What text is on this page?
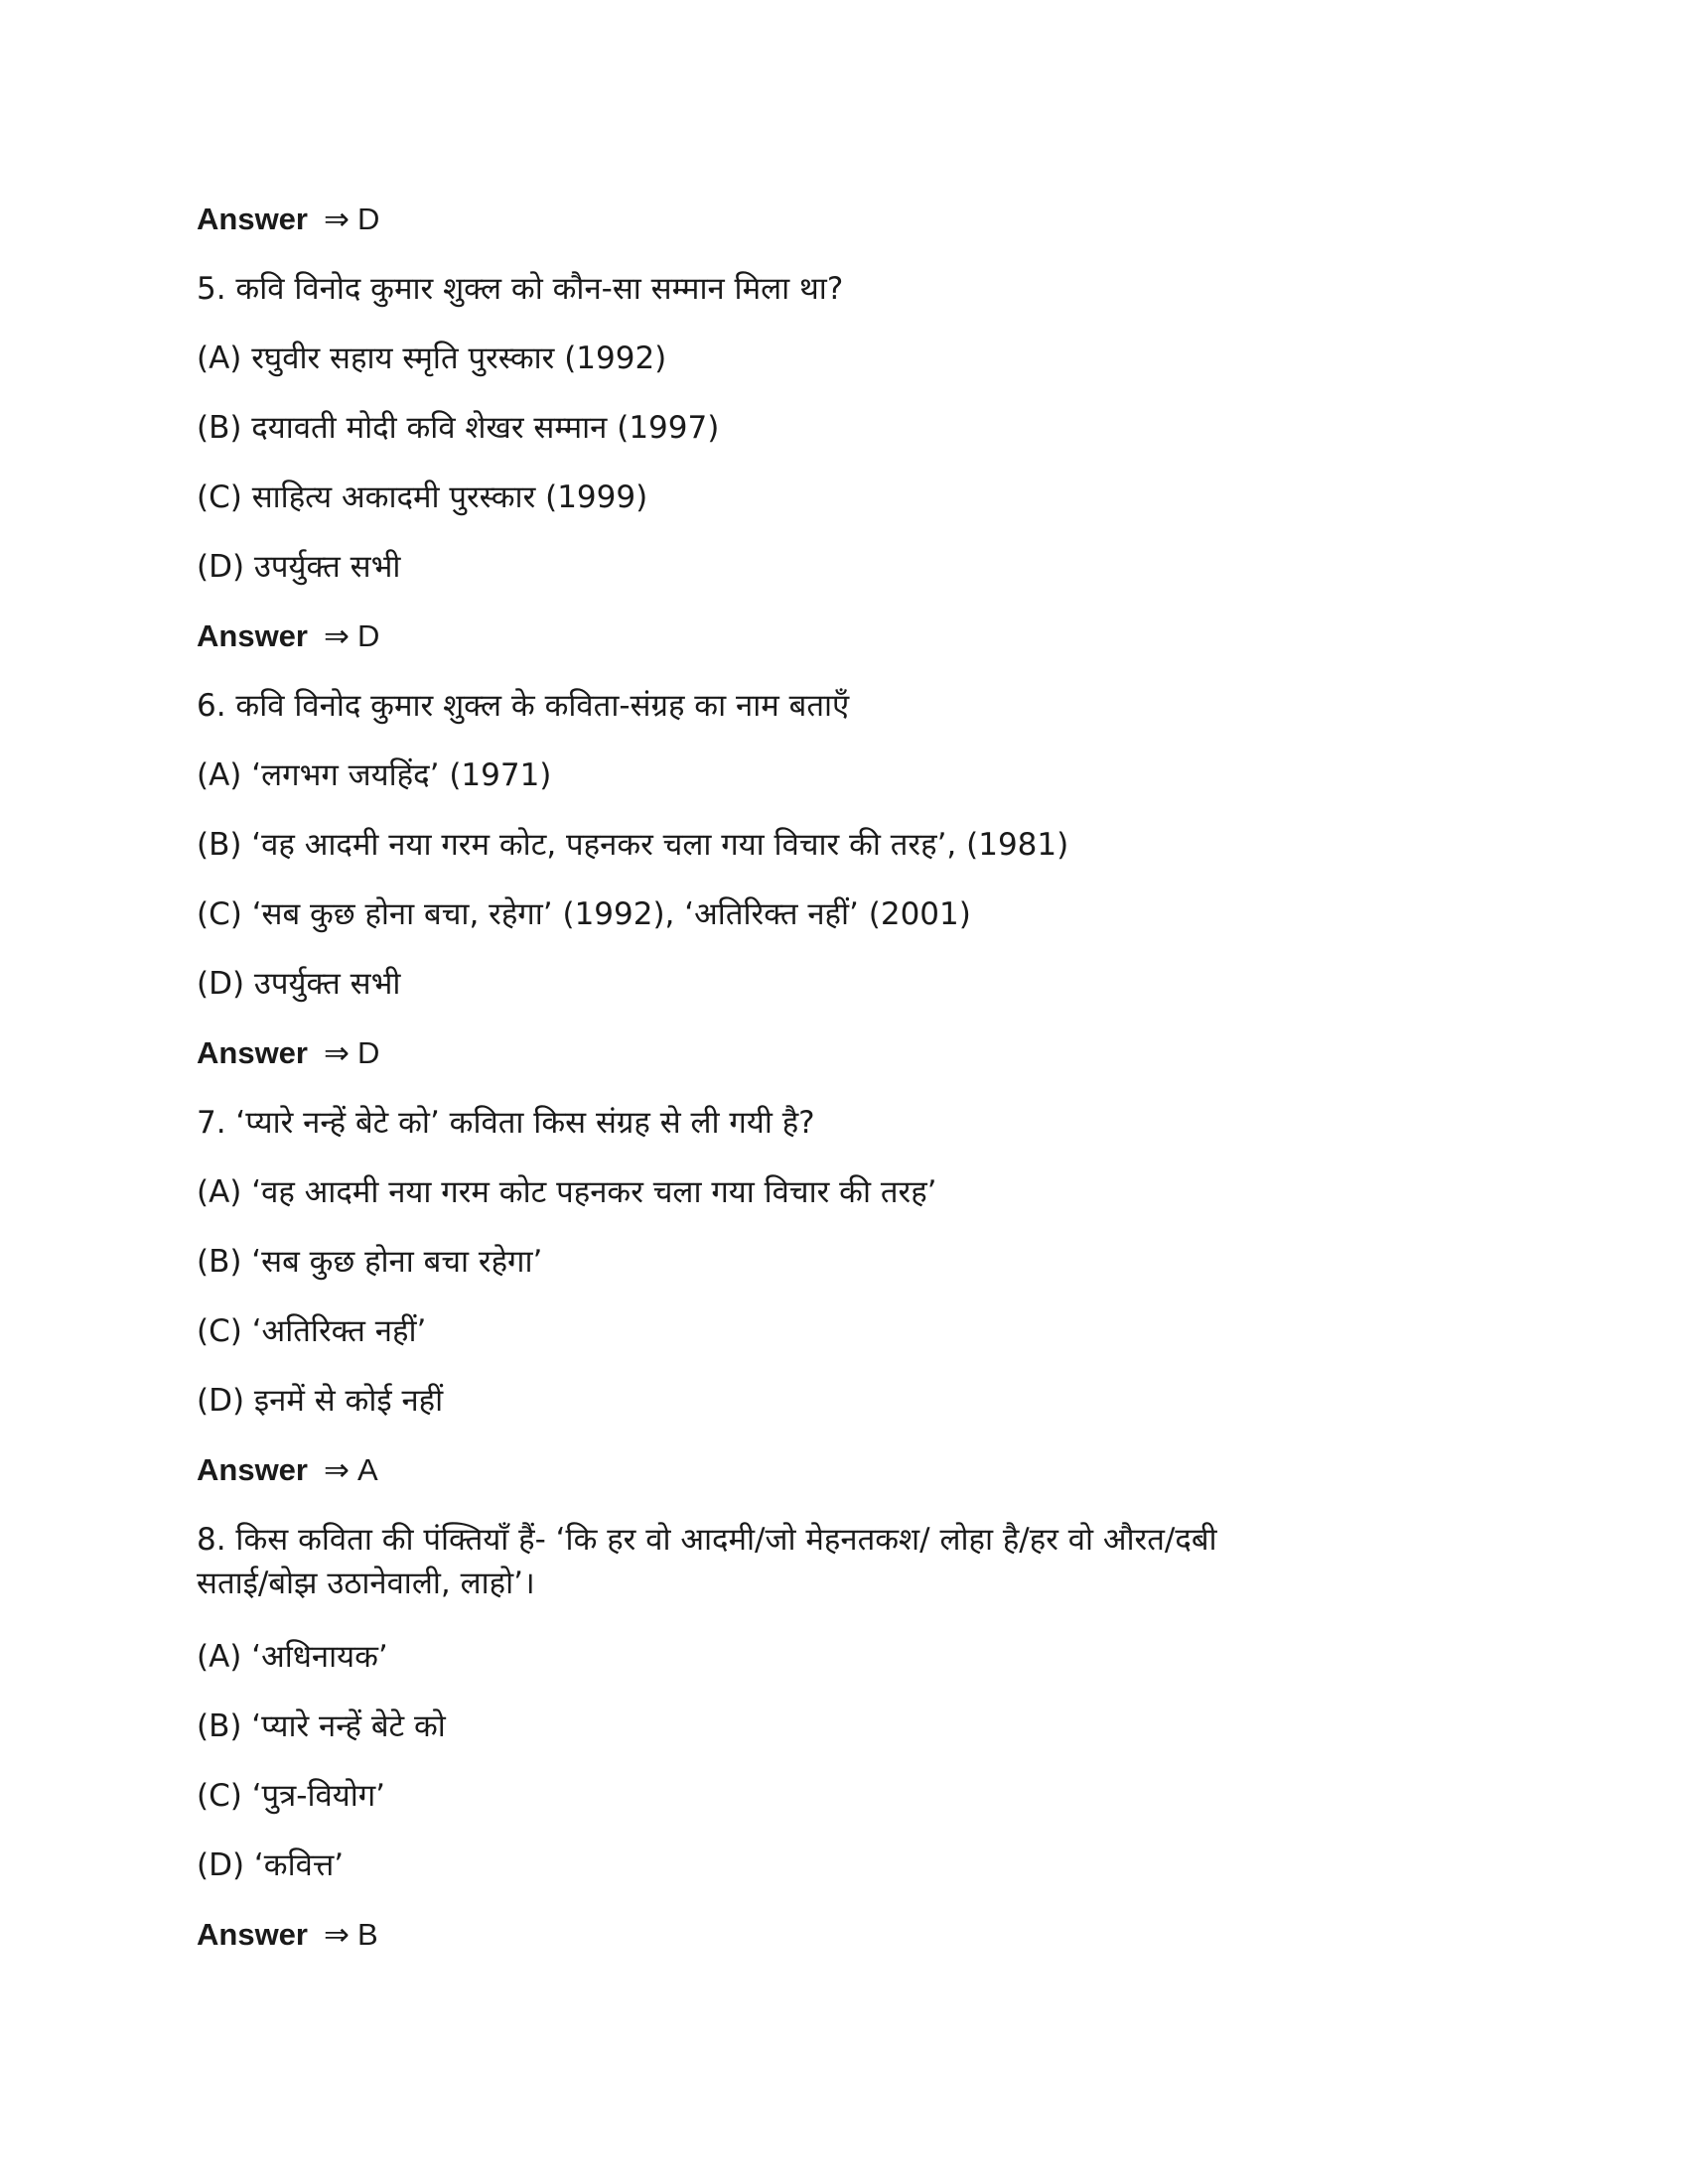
Answer ⇒ D
5. कवि विनोद कुमार शुक्ल को कौन-सा सम्मान मिला था?
(A) रघुवीर सहाय स्मृति पुरस्कार (1992)
(B) दयावती मोदी कवि शेखर सम्मान (1997)
(C) साहित्य अकादमी पुरस्कार (1999)
(D) उपर्युक्त सभी
Answer ⇒ D
6. कवि विनोद कुमार शुक्ल के कविता-संग्रह का नाम बताएँ
(A) ‘लगभग जयहिंद’ (1971)
(B) ‘वह आदमी नया गरम कोट, पहनकर चला गया विचार की तरह’, (1981)
(C) ‘सब कुछ होना बचा, रहेगा’ (1992), ‘अतिरिक्त नहीं’ (2001)
(D) उपर्युक्त सभी
Answer ⇒ D
7. ‘प्यारे नन्हें बेटे को’ कविता किस संग्रह से ली गयी है?
(A) ‘वह आदमी नया गरम कोट पहनकर चला गया विचार की तरह’
(B) ‘सब कुछ होना बचा रहेगा’
(C) ‘अतिरिक्त नहीं’
(D) इनमें से कोई नहीं
Answer ⇒ A
8. किस कविता की पंक्तियाँ हैं- ‘कि हर वो आदमी/जो मेहनतकश/ लोहा है/हर वो औरत/दबी
सताई/बोझ उठानेवाली, लाहो’।
(A) ‘अधिनायक’
(B) ‘प्यारे नन्हें बेटे को
(C) ‘पुत्र-वियोग’
(D) ‘कवित्त’
Answer ⇒ B
